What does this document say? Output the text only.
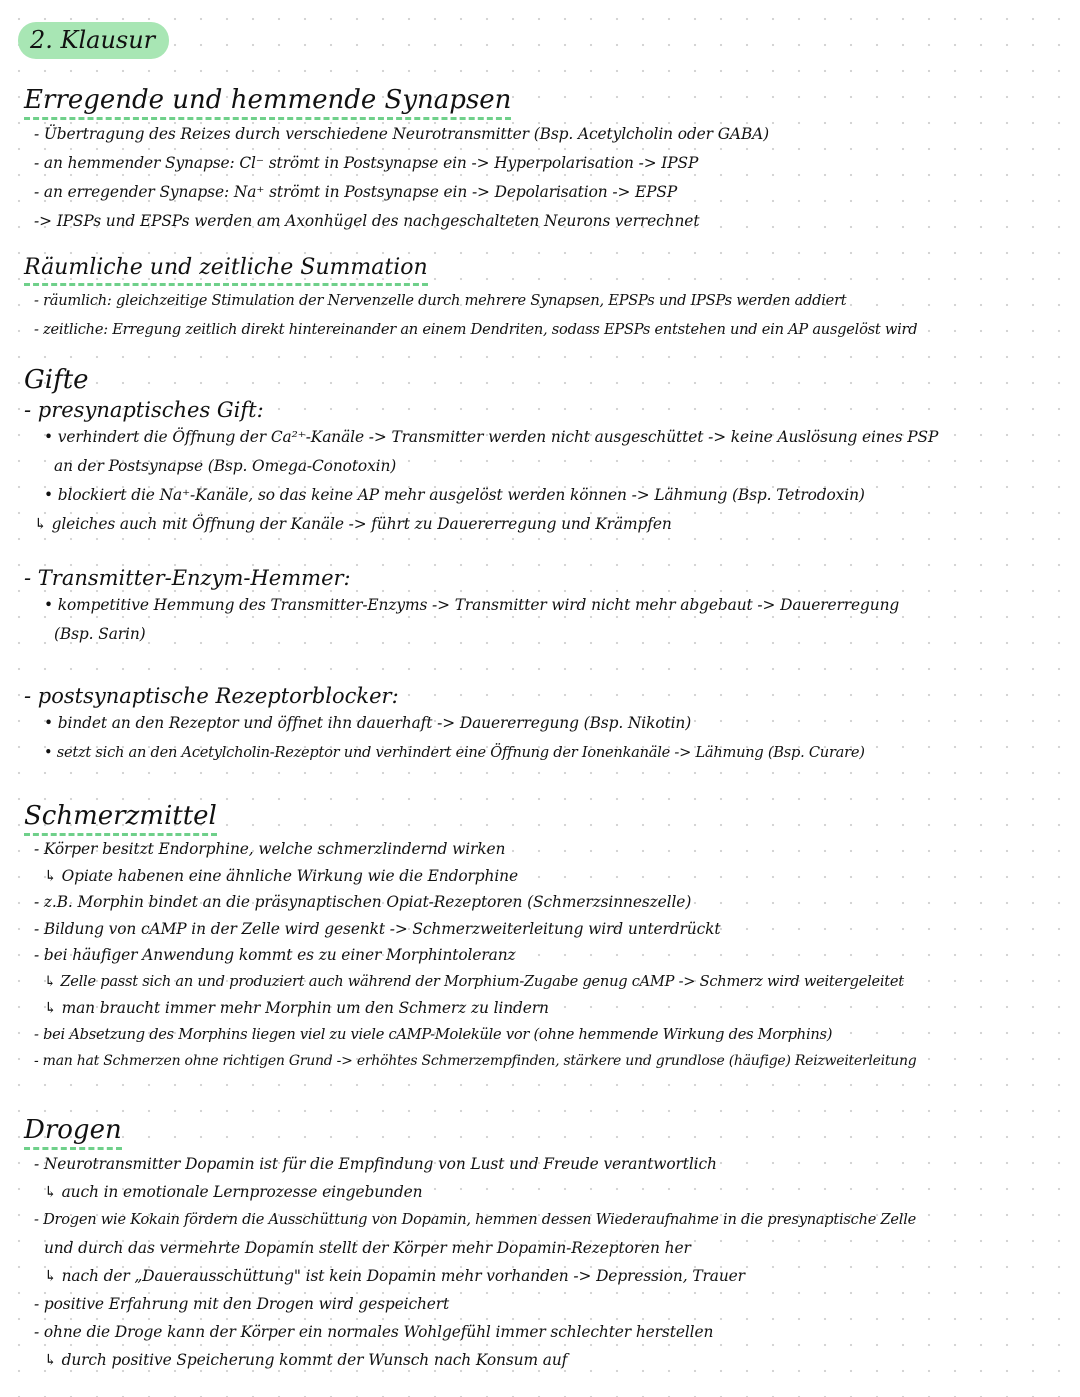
2. Klausur
Erregende und hemmende Synapsen

- Übertragung des Reizes durch verschiedene Neurotransmitter (Bsp. Acetylcholin oder GABA)

- an hemmender Synapse: Cl⁻ strömt in Postsynapse ein -> Hyperpolarisation -> IPSP

- an erregender Synapse: Na⁺ strömt in Postsynapse ein -> Depolarisation -> EPSP

-> IPSPs und EPSPs werden am Axonhügel des nachgeschalteten Neurons verrechnet

Räumliche und zeitliche Summation

- räumlich: gleichzeitige Stimulation der Nervenzelle durch mehrere Synapsen, EPSPs und IPSPs werden addiert

- zeitliche: Erregung zeitlich direkt hintereinander an einem Dendriten, sodass EPSPs entstehen und ein AP ausgelöst wird

Gifte

- presynaptisches Gift:

• verhindert die Öffnung der Ca²⁺-Kanäle -> Transmitter werden nicht ausgeschüttet -> keine Auslösung eines PSP

an der Postsynapse (Bsp. Omega-Conotoxin)

• blockiert die Na⁺-Kanäle, so das keine AP mehr ausgelöst werden können -> Lähmung (Bsp. Tetrodoxin)

↳ gleiches auch mit Öffnung der Kanäle -> führt zu Dauererregung und Krämpfen

- Transmitter-Enzym-Hemmer:

• kompetitive Hemmung des Transmitter-Enzyms -> Transmitter wird nicht mehr abgebaut -> Dauererregung

(Bsp. Sarin)

- postsynaptische Rezeptorblocker:

• bindet an den Rezeptor und öffnet ihn dauerhaft -> Dauererregung (Bsp. Nikotin)

• setzt sich an den Acetylcholin-Rezeptor und verhindert eine Öffnung der Ionenkanäle -> Lähmung (Bsp. Curare)

Schmerzmittel

- Körper besitzt Endorphine, welche schmerzlindernd wirken

↳ Opiate habenen eine ähnliche Wirkung wie die Endorphine

- z.B. Morphin bindet an die präsynaptischen Opiat-Rezeptoren (Schmerzsinneszelle)

- Bildung von cAMP in der Zelle wird gesenkt -> Schmerzweiterleitung wird unterdrückt

- bei häufiger Anwendung kommt es zu einer Morphintoleranz

↳ Zelle passt sich an und produziert auch während der Morphium-Zugabe genug cAMP -> Schmerz wird weitergeleitet

↳ man braucht immer mehr Morphin um den Schmerz zu lindern

- bei Absetzung des Morphins liegen viel zu viele cAMP-Moleküle vor (ohne hemmende Wirkung des Morphins)

- man hat Schmerzen ohne richtigen Grund -> erhöhtes Schmerzempfinden, stärkere und grundlose (häufige) Reizweiterleitung

Drogen

- Neurotransmitter Dopamin ist für die Empfindung von Lust und Freude verantwortlich

↳ auch in emotionale Lernprozesse eingebunden

- Drogen wie Kokain fördern die Ausschüttung von Dopamin, hemmen dessen Wiederaufnahme in die presynaptische Zelle

und durch das vermehrte Dopamin stellt der Körper mehr Dopamin-Rezeptoren her

↳ nach der „Dauerausschüttung" ist kein Dopamin mehr vorhanden -> Depression, Trauer

- positive Erfahrung mit den Drogen wird gespeichert

- ohne die Droge kann der Körper ein normales Wohlgefühl immer schlechter herstellen

↳ durch positive Speicherung kommt der Wunsch nach Konsum auf
